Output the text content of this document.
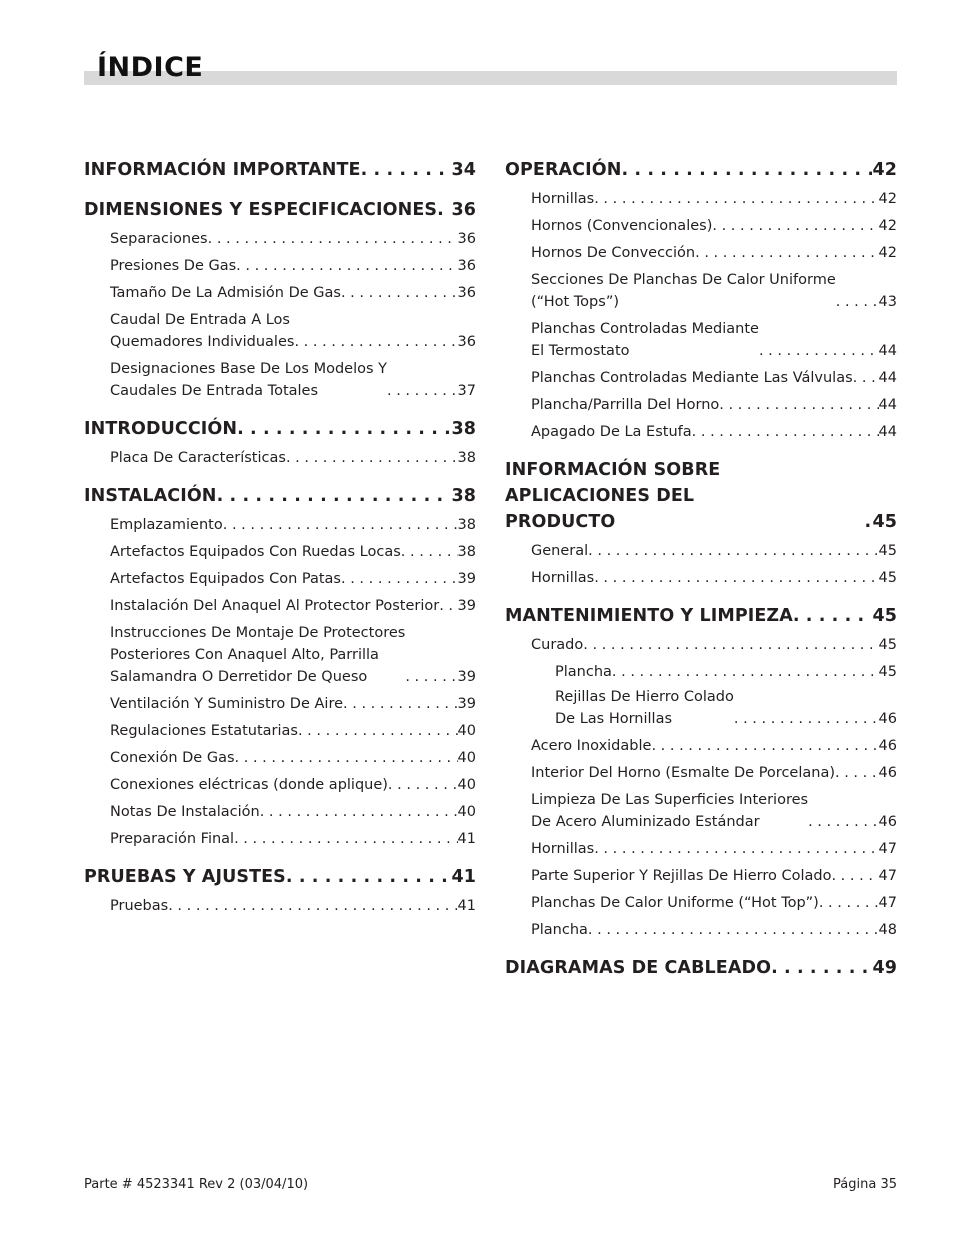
ÍNDICE
INFORMACIÓN IMPORTANTE . . .	34
DIMENSIONES Y ESPECIFICACIONES . . . 36
Separaciones . . .	36
Presiones De Gas . . .	36
Tamaño De La Admisión De Gas . . .	36
Caudal De Entrada A Los
Quemadores Individuales . . .	36
Designaciones Base De Los Modelos Y
Caudales De Entrada Totales . . .	37
INTRODUCCIÓN . . .	38
Placa De Características . . .	38
INSTALACIÓN . . .	38
Emplazamiento . . .	38
Artefactos Equipados Con Ruedas Locas . . .	38
Artefactos Equipados Con Patas . . .	39
Instalación Del Anaquel Al Protector Posterior . . . 39
Instrucciones De Montaje De Protectores
Posteriores Con Anaquel Alto, Parrilla
Salamandra O Derretidor De Queso . . .	39
Ventilación Y Suministro De Aire . . .	39
Regulaciones Estatutarias . . .	40
Conexión De Gas . . .	40
Conexiones eléctricas (donde aplique) . . .	40
Notas De Instalación . . .	40
Preparación Final . . .	41
PRUEBAS Y AJUSTES . . .	41
Pruebas . . .	41
OPERACIÓN . . .	42
Hornillas . . .	42
Hornos (Convencionales) . . .	42
Hornos De Convección . . .	42
Secciones De Planchas De Calor Uniforme
(“Hot Tops”) . . .	43
Planchas Controladas Mediante
El Termostato . . .	44
Planchas Controladas Mediante Las Válvulas . . . 44
Plancha/Parrilla Del Horno . . .	44
Apagado De La Estufa . . .	44
INFORMACIÓN SOBRE APLICACIONES DEL
PRODUCTO . . .	45
General . . .	45
Hornillas . . .	45
MANTENIMIENTO Y LIMPIEZA . . .	45
Curado . . .	45
Plancha . . .	45
Rejillas De Hierro Colado
De Las Hornillas . . .	46
Acero Inoxidable . . .	46
Interior Del Horno (Esmalte De Porcelana) . . .	46
Limpieza De Las Superficies Interiores
De Acero Aluminizado Estándar . . .	46
Hornillas . . .	47
Parte Superior Y Rejillas De Hierro Colado . . .	47
Planchas De Calor Uniforme (“Hot Top”) . . .	47
Plancha . . .	48
DIAGRAMAS DE CABLEADO . . .	49
Parte # 4523341 Rev 2 (03/04/10)	Página 35
